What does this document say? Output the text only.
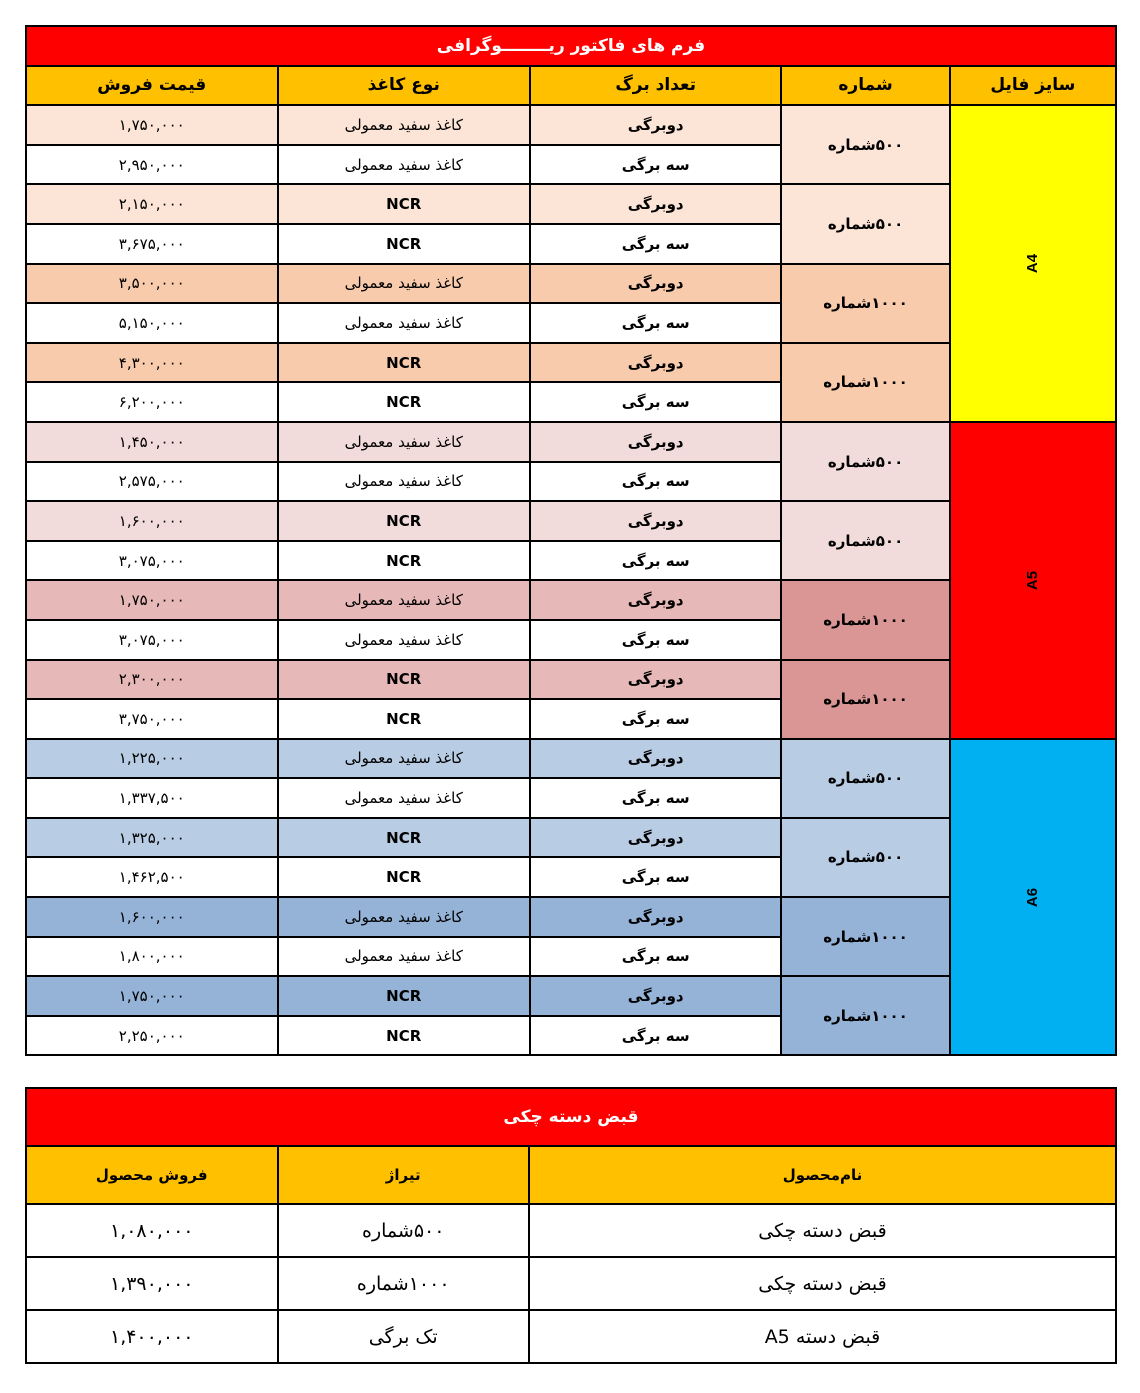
فرم های فاکتور ریــــــــوگرافی				
سایز فایل	شماره	تعداد برگ	نوع کاغذ	قیمت فروش
A4	۵۰۰شماره	دوبرگی	کاغذ سفید معمولی	۱,۷۵۰,۰۰۰
		سه برگی	کاغذ سفید معمولی	۲,۹۵۰,۰۰۰
	۵۰۰شماره	دوبرگی	NCR	۲,۱۵۰,۰۰۰
		سه برگی	NCR	۳,۶۷۵,۰۰۰
	۱۰۰۰شماره	دوبرگی	کاغذ سفید معمولی	۳,۵۰۰,۰۰۰
		سه برگی	کاغذ سفید معمولی	۵,۱۵۰,۰۰۰
	۱۰۰۰شماره	دوبرگی	NCR	۴,۳۰۰,۰۰۰
		سه برگی	NCR	۶,۲۰۰,۰۰۰
A5	۵۰۰شماره	دوبرگی	کاغذ سفید معمولی	۱,۴۵۰,۰۰۰
		سه برگی	کاغذ سفید معمولی	۲,۵۷۵,۰۰۰
	۵۰۰شماره	دوبرگی	NCR	۱,۶۰۰,۰۰۰
		سه برگی	NCR	۳,۰۷۵,۰۰۰
	۱۰۰۰شماره	دوبرگی	کاغذ سفید معمولی	۱,۷۵۰,۰۰۰
		سه برگی	کاغذ سفید معمولی	۳,۰۷۵,۰۰۰
	۱۰۰۰شماره	دوبرگی	NCR	۲,۳۰۰,۰۰۰
		سه برگی	NCR	۳,۷۵۰,۰۰۰
A6	۵۰۰شماره	دوبرگی	کاغذ سفید معمولی	۱,۲۲۵,۰۰۰
		سه برگی	کاغذ سفید معمولی	۱,۳۳۷,۵۰۰
	۵۰۰شماره	دوبرگی	NCR	۱,۳۲۵,۰۰۰
		سه برگی	NCR	۱,۴۶۲,۵۰۰
	۱۰۰۰شماره	دوبرگی	کاغذ سفید معمولی	۱,۶۰۰,۰۰۰
		سه برگی	کاغذ سفید معمولی	۱,۸۰۰,۰۰۰
	۱۰۰۰شماره	دوبرگی	NCR	۱,۷۵۰,۰۰۰
		سه برگی	NCR	۲,۲۵۰,۰۰۰
قبض دسته چکی		
نام‌محصول	تیراژ	فروش محصول
قبض دسته چکی	۵۰۰شماره	۱,۰۸۰,۰۰۰
قبض دسته چکی	۱۰۰۰شماره	۱,۳۹۰,۰۰۰
قبض دسته A5	تک برگی	۱,۴۰۰,۰۰۰
